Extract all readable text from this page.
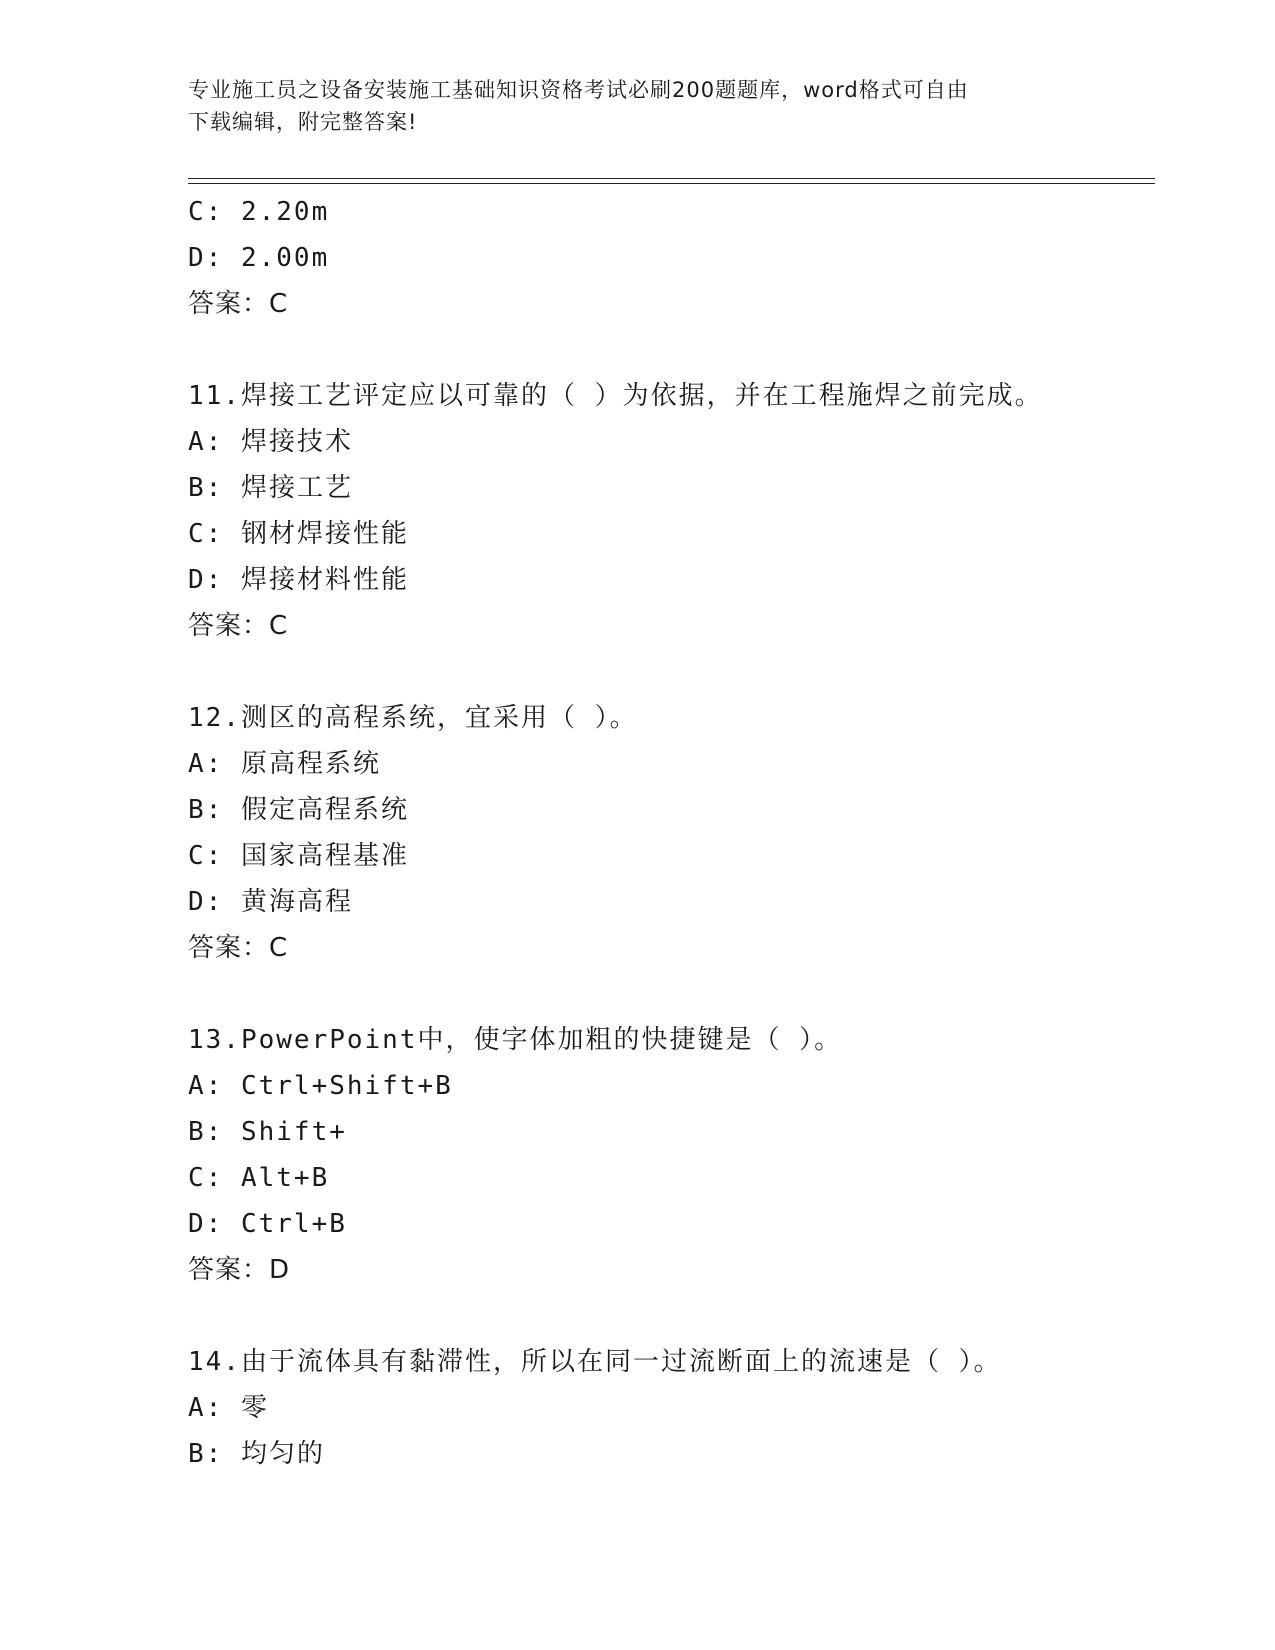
专业施工员之设备安装施工基础知识资格考试必刷200题题库，word格式可自由
下载编辑，附完整答案!
C: 2.20m
D: 2.00m
答案：C
11.焊接工艺评定应以可靠的（ ）为依据，并在工程施焊之前完成。
A: 焊接技术
B: 焊接工艺
C: 钢材焊接性能
D: 焊接材料性能
答案：C
12.测区的高程系统，宜采用（ ）。
A: 原高程系统
B: 假定高程系统
C: 国家高程基准
D: 黄海高程
答案：C
13.PowerPoint中，使字体加粗的快捷键是（ ）。
A: Ctrl+Shift+B
B: Shift+
C: Alt+B
D: Ctrl+B
答案：D
14.由于流体具有黏滞性，所以在同一过流断面上的流速是（ ）。
A: 零
B: 均匀的
